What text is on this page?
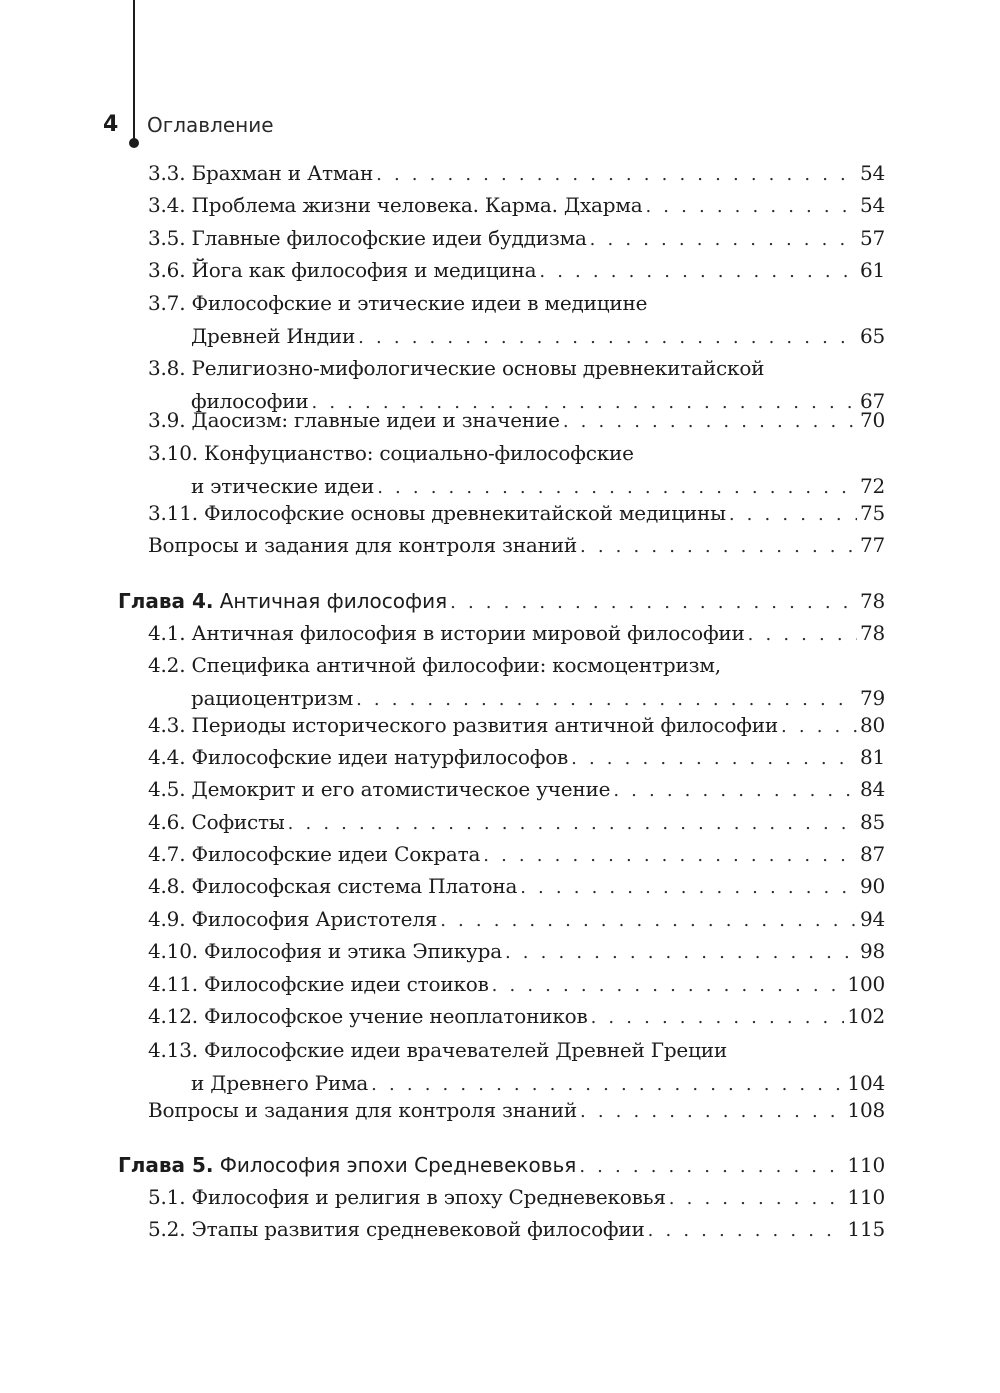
4 Оглавление
3.3. Брахман и Атман . . .	54
3.4. Проблема жизни человека. Карма. Дхарма . . .	54
3.5. Главные философские идеи буддизма . . .	57
3.6. Йога как философия и медицина . . .	61
3.7. Философские и этические идеи в медицине
Древней Индии . . .	65
3.8. Религиозно-мифологические основы древнекитайской
философии . . .	67
3.9. Даосизм: главные идеи и значение . . .	70
3.10. Конфуцианство: социально-философские
и этические идеи . . .	72
3.11. Философские основы древнекитайской медицины . . .	75
Вопросы и задания для контроля знаний . . .	77
Глава 4. Античная философия . . .	78
4.1. Античная философия в истории мировой философии . . .	78
4.2. Специфика античной философии: космоцентризм,
рациоцентризм . . .	79
4.3. Периоды исторического развития античной философии . . .	80
4.4. Философские идеи натурфилософов . . .	81
4.5. Демокрит и его атомистическое учение . . .	84
4.6. Софисты . . .	85
4.7. Философские идеи Сократа . . .	87
4.8. Философская система Платона . . .	90
4.9. Философия Аристотеля . . .	94
4.10. Философия и этика Эпикура . . .	98
4.11. Философские идеи стоиков . . .	100
4.12. Философское учение неоплатоников . . .	102
4.13. Философские идеи врачевателей Древней Греции
и Древнего Рима . . .	104
Вопросы и задания для контроля знаний . . .	108
Глава 5. Философия эпохи Средневековья . . .	110
5.1. Философия и религия в эпоху Средневековья . . .	110
5.2. Этапы развития средневековой философии . . .	115
